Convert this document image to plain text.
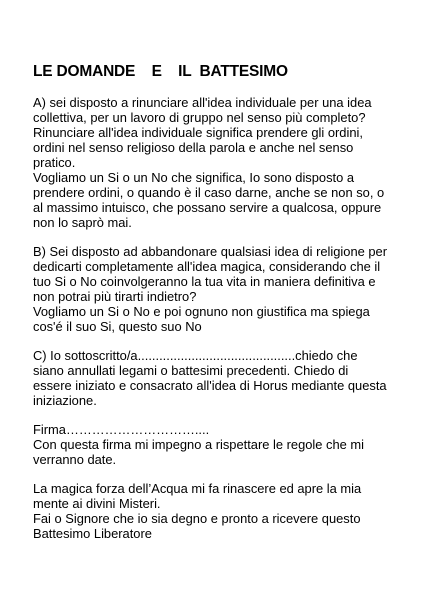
LE DOMANDE    E    IL  BATTESIMO

A) sei disposto a rinunciare all'idea individuale per una idea

collettiva, per un lavoro di gruppo nel senso più completo?

Rinunciare all'idea individuale significa prendere gli ordini,

ordini nel senso religioso della parola e anche nel senso

pratico.

Vogliamo un Si o un No che significa, Io sono disposto a

prendere ordini, o quando è il caso darne, anche se non so, o

al massimo intuisco, che possano servire a qualcosa, oppure

non lo saprò mai.

B) Sei disposto ad abbandonare qualsiasi idea di religione per

dedicarti completamente all'idea magica, considerando che il

tuo Si o No coinvolgeranno la tua vita in maniera definitiva e

non potrai più tirarti indietro?

Vogliamo un Si o No e poi ognuno non giustifica ma spiega

cos'é il suo Si, questo suo No

C) Io sottoscritto/a............................................chiedo che

siano annullati legami o battesimi precedenti. Chiedo di

essere iniziato e consacrato all'idea di Horus mediante questa

iniziazione.

Firma…………………………....

Con questa firma mi impegno a rispettare le regole che mi

verranno date.

La magica forza dell’Acqua mi fa rinascere ed apre la mia

mente ai divini Misteri.

Fai o Signore che io sia degno e pronto a ricevere questo

Battesimo Liberatore
